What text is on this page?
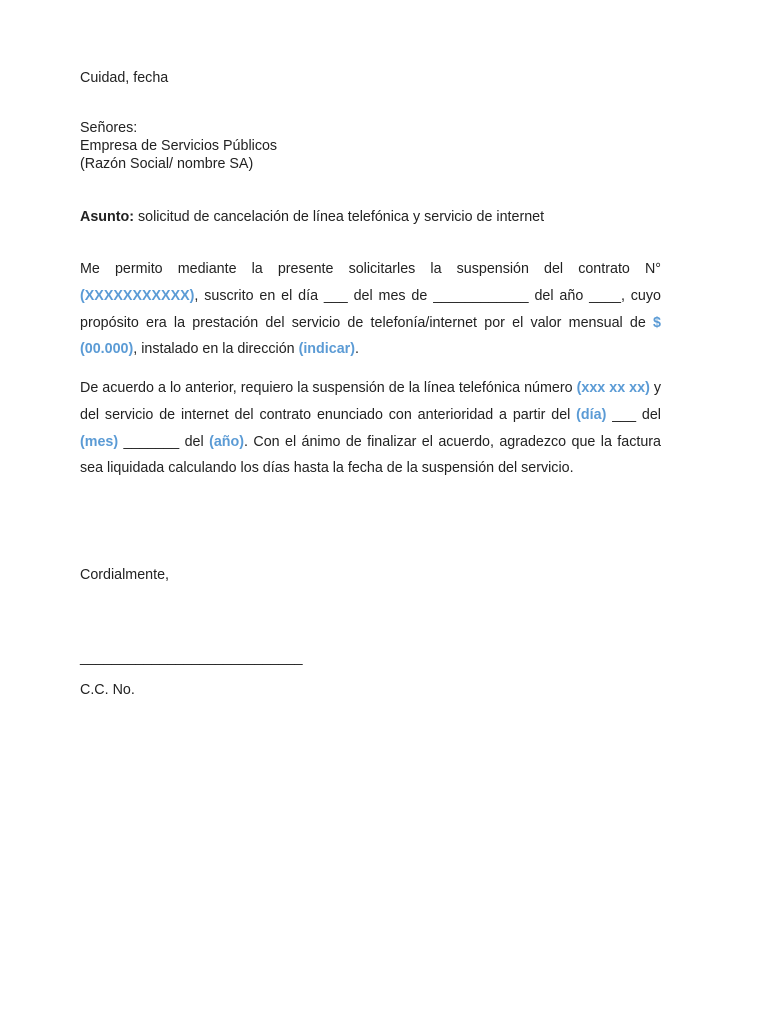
Cuidad, fecha
Señores:
Empresa de Servicios Públicos
(Razón Social/ nombre SA)
Asunto: solicitud de cancelación de línea telefónica y servicio de internet
Me permito mediante la presente solicitarles la suspensión del contrato N° (XXXXXXXXXXX), suscrito en el día ___ del mes de ____________ del año ____, cuyo propósito era la prestación del servicio de telefonía/internet por el valor mensual de $ (00.000), instalado en la dirección (indicar).
De acuerdo a lo anterior, requiero la suspensión de la línea telefónica número (xxx xx xx) y del servicio de internet del contrato enunciado con anterioridad a partir del (día) ___ del (mes) _______ del (año). Con el ánimo de finalizar el acuerdo, agradezco que la factura sea liquidada calculando los días hasta la fecha de la suspensión del servicio.
Cordialmente,
____________________________
C.C. No.
